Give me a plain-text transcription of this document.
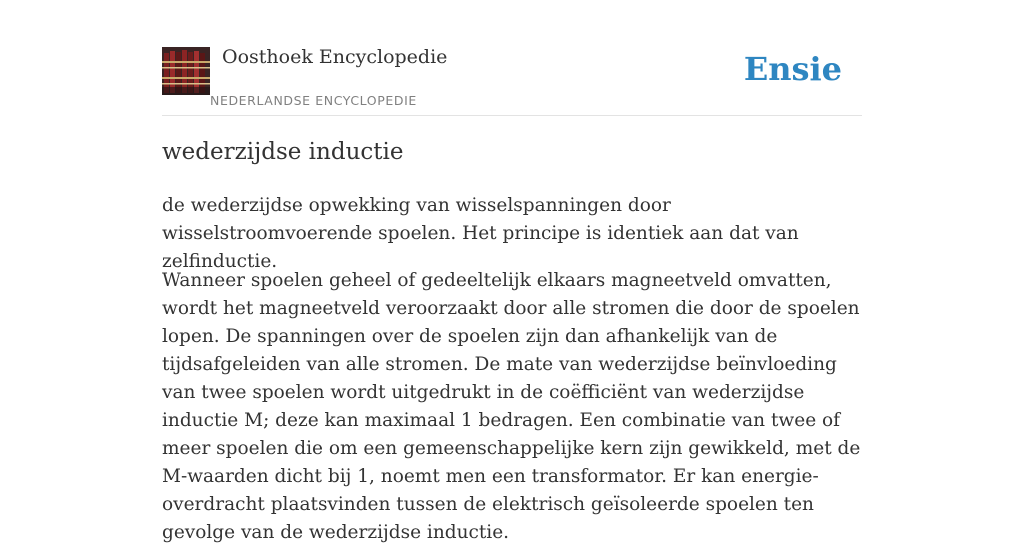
Oosthoek Encyclopedie
NEDERLANDSE ENCYCLOPEDIE
Ensie
wederzijdse inductie

de wederzijdse opwekking van wisselspanningen door wisselstroomvoerende spoelen. Het principe is identiek aan dat van zelfinductie.

Wanneer spoelen geheel of gedeeltelijk elkaars magneetveld omvatten, wordt het magneetveld veroorzaakt door alle stromen die door de spoelen lopen. De spanningen over de spoelen zijn dan afhankelijk van de tijdsafgeleiden van alle stromen. De mate van wederzijdse beïnvloeding van twee spoelen wordt uitgedrukt in de coëfficiënt van wederzijdse inductie M; deze kan maximaal 1 bedragen. Een combinatie van twee of meer spoelen die om een gemeenschappelijke kern zijn gewikkeld, met de M-waarden dicht bij 1, noemt men een transformator. Er kan energie-overdracht plaatsvinden tussen de elektrisch geïsoleerde spoelen ten gevolge van de wederzijdse inductie.
